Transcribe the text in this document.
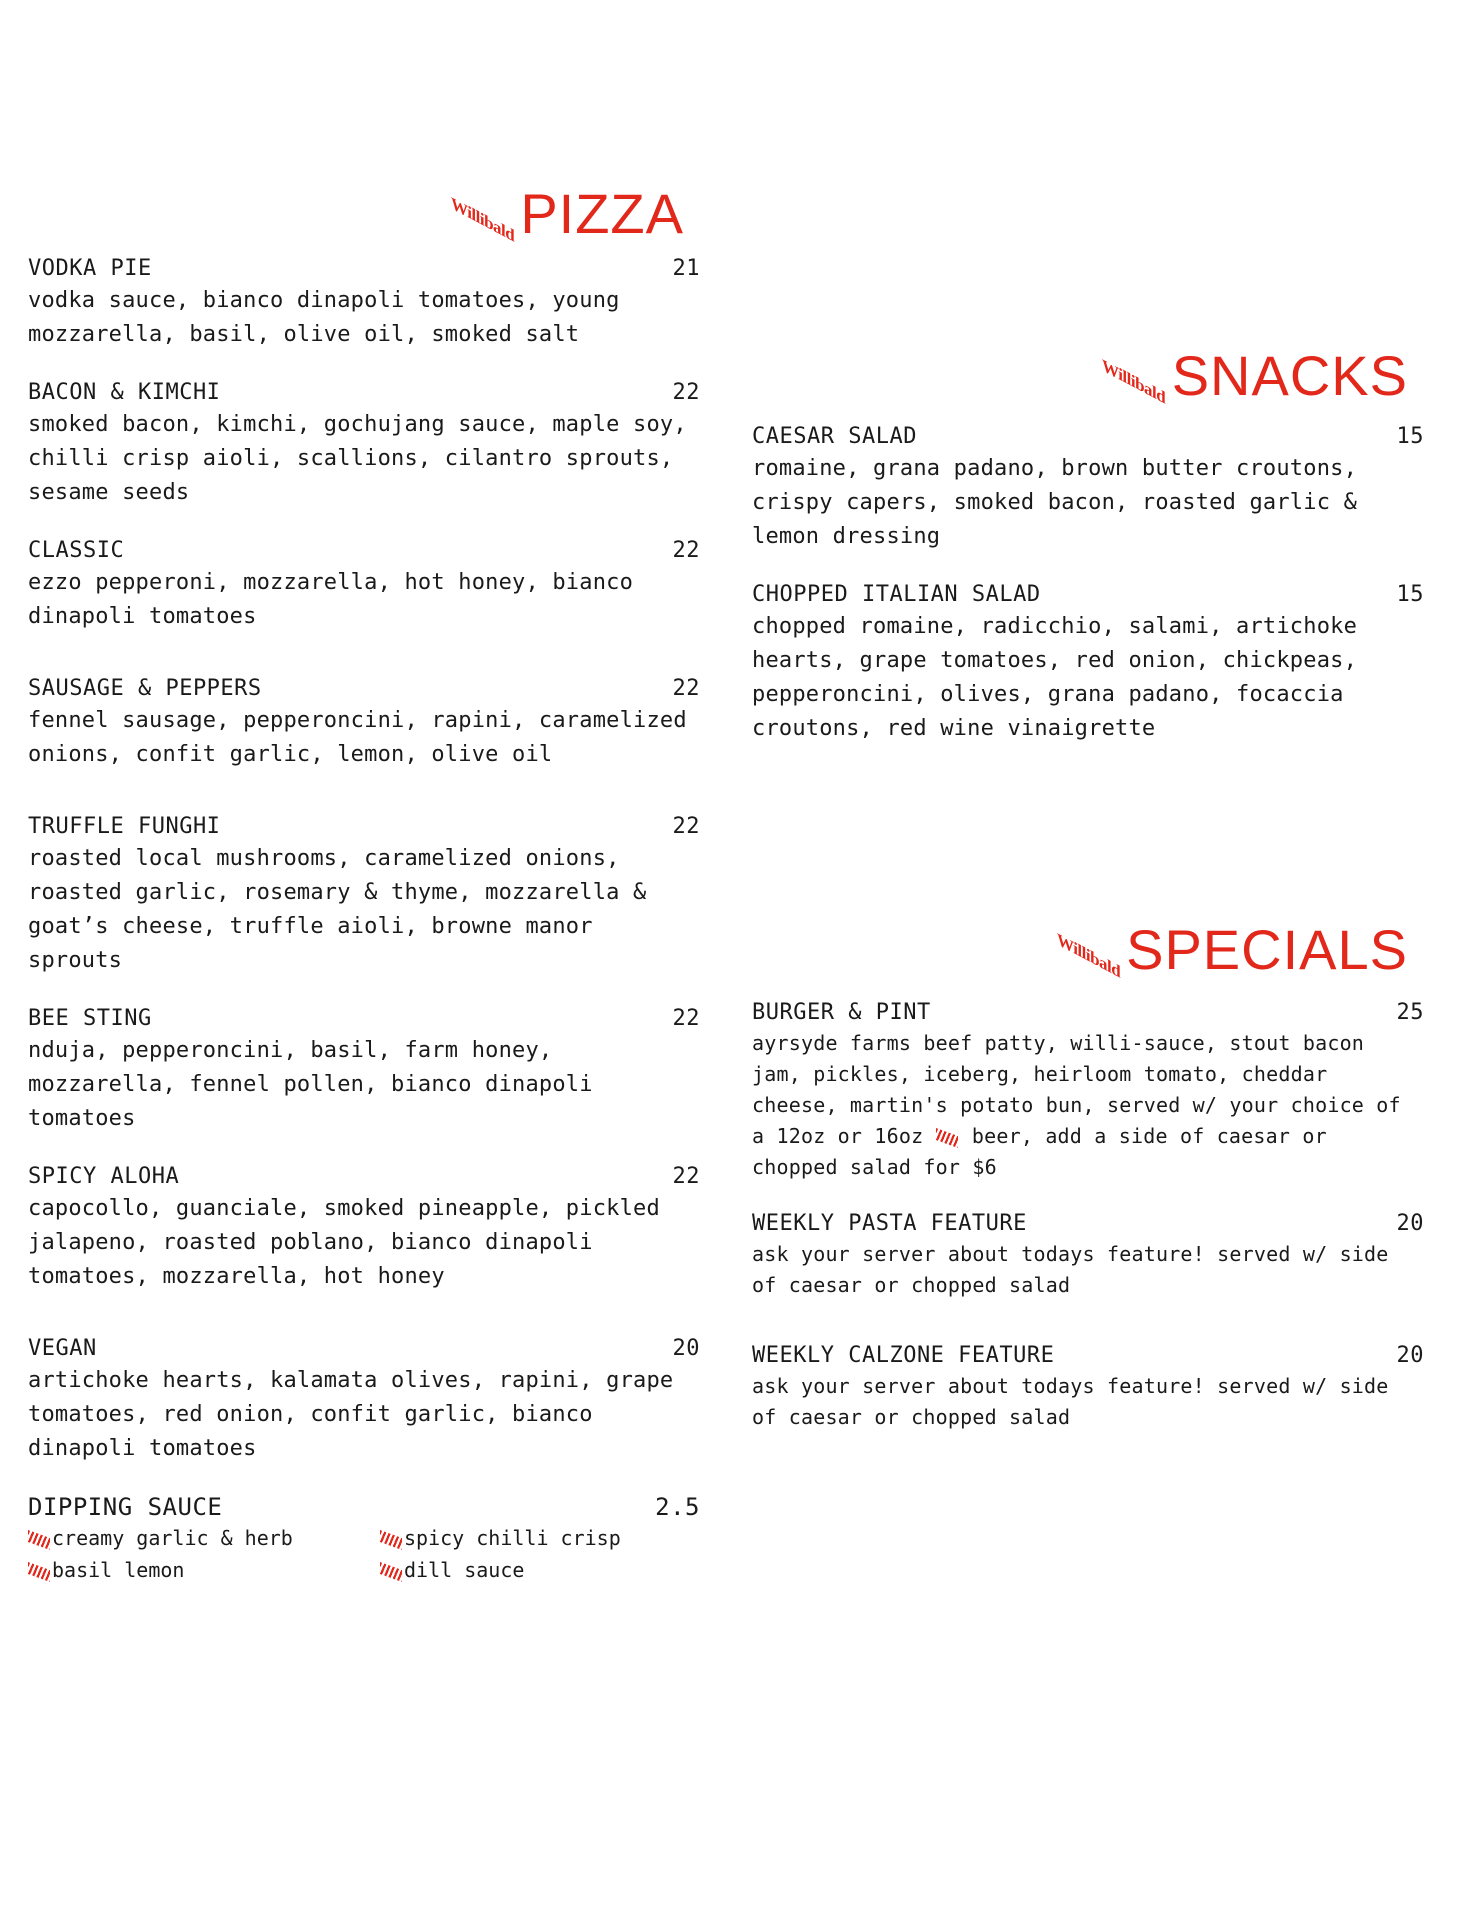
Willibald PIZZA
VODKA PIE	21
vodka sauce, bianco dinapoli tomatoes, young mozzarella, basil, olive oil, smoked salt
BACON & KIMCHI	22
smoked bacon, kimchi, gochujang sauce, maple soy, chilli crisp aioli, scallions, cilantro sprouts, sesame seeds
CLASSIC	22
ezzo pepperoni, mozzarella, hot honey, bianco dinapoli tomatoes
SAUSAGE & PEPPERS	22
fennel sausage, pepperoncini, rapini, caramelized onions, confit garlic, lemon, olive oil
TRUFFLE FUNGHI	22
roasted local mushrooms, caramelized onions, roasted garlic, rosemary & thyme, mozzarella & goat’s cheese, truffle aioli, browne manor sprouts
BEE STING	22
nduja, pepperoncini, basil, farm honey, mozzarella, fennel pollen, bianco dinapoli tomatoes
SPICY ALOHA	22
capocollo, guanciale, smoked pineapple, pickled jalapeno, roasted poblano, bianco dinapoli tomatoes, mozzarella, hot honey
VEGAN	20
artichoke hearts, kalamata olives, rapini, grape tomatoes, red onion, confit garlic, bianco dinapoli tomatoes
DIPPING SAUCE	2.5
creamy garlic & herb	spicy chilli crisp
basil lemon	dill sauce
Willibald SNACKS
CAESAR SALAD	15
romaine, grana padano, brown butter croutons, crispy capers, smoked bacon, roasted garlic & lemon dressing
CHOPPED ITALIAN SALAD	15
chopped romaine, radicchio, salami, artichoke hearts, grape tomatoes, red onion, chickpeas, pepperoncini, olives, grana padano, focaccia croutons, red wine vinaigrette
Willibald SPECIALS
BURGER & PINT	25
ayrsyde farms beef patty, willi-sauce, stout bacon jam, pickles, iceberg, heirloom tomato, cheddar cheese, martin's potato bun, served w/ your choice of a 12oz or 16oz beer, add a side of caesar or chopped salad for $6
WEEKLY PASTA FEATURE	20
ask your server about todays feature! served w/ side of caesar or chopped salad
WEEKLY CALZONE FEATURE	20
ask your server about todays feature! served w/ side of caesar or chopped salad
